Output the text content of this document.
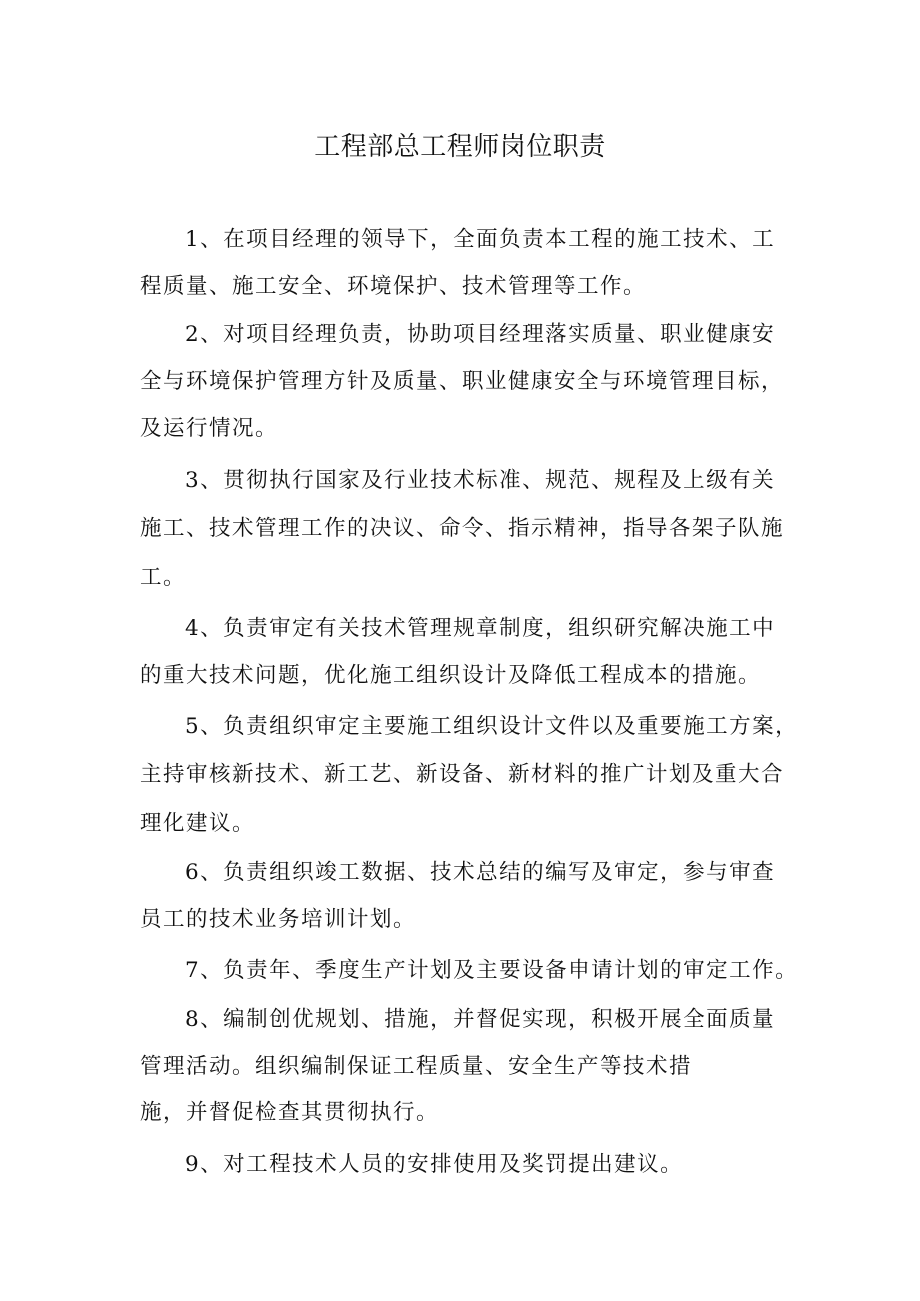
工程部总工程师岗位职责
1、在项目经理的领导下，全面负责本工程的施工技术、工
程质量、施工安全、环境保护、技术管理等工作。
2、对项目经理负责，协助项目经理落实质量、职业健康安
全与环境保护管理方针及质量、职业健康安全与环境管理目标，
及运行情况。
3、贯彻执行国家及行业技术标准、规范、规程及上级有关
施工、技术管理工作的决议、命令、指示精神，指导各架子队施
工。
4、负责审定有关技术管理规章制度，组织研究解决施工中
的重大技术问题，优化施工组织设计及降低工程成本的措施。
5、负责组织审定主要施工组织设计文件以及重要施工方案，
主持审核新技术、新工艺、新设备、新材料的推广计划及重大合
理化建议。
6、负责组织竣工数据、技术总结的编写及审定，参与审查
员工的技术业务培训计划。
7、负责年、季度生产计划及主要设备申请计划的审定工作。
8、编制创优规划、措施，并督促实现，积极开展全面质量
管理活动。组织编制保证工程质量、安全生产等技术措
施，并督促检查其贯彻执行。
9、对工程技术人员的安排使用及奖罚提出建议。
